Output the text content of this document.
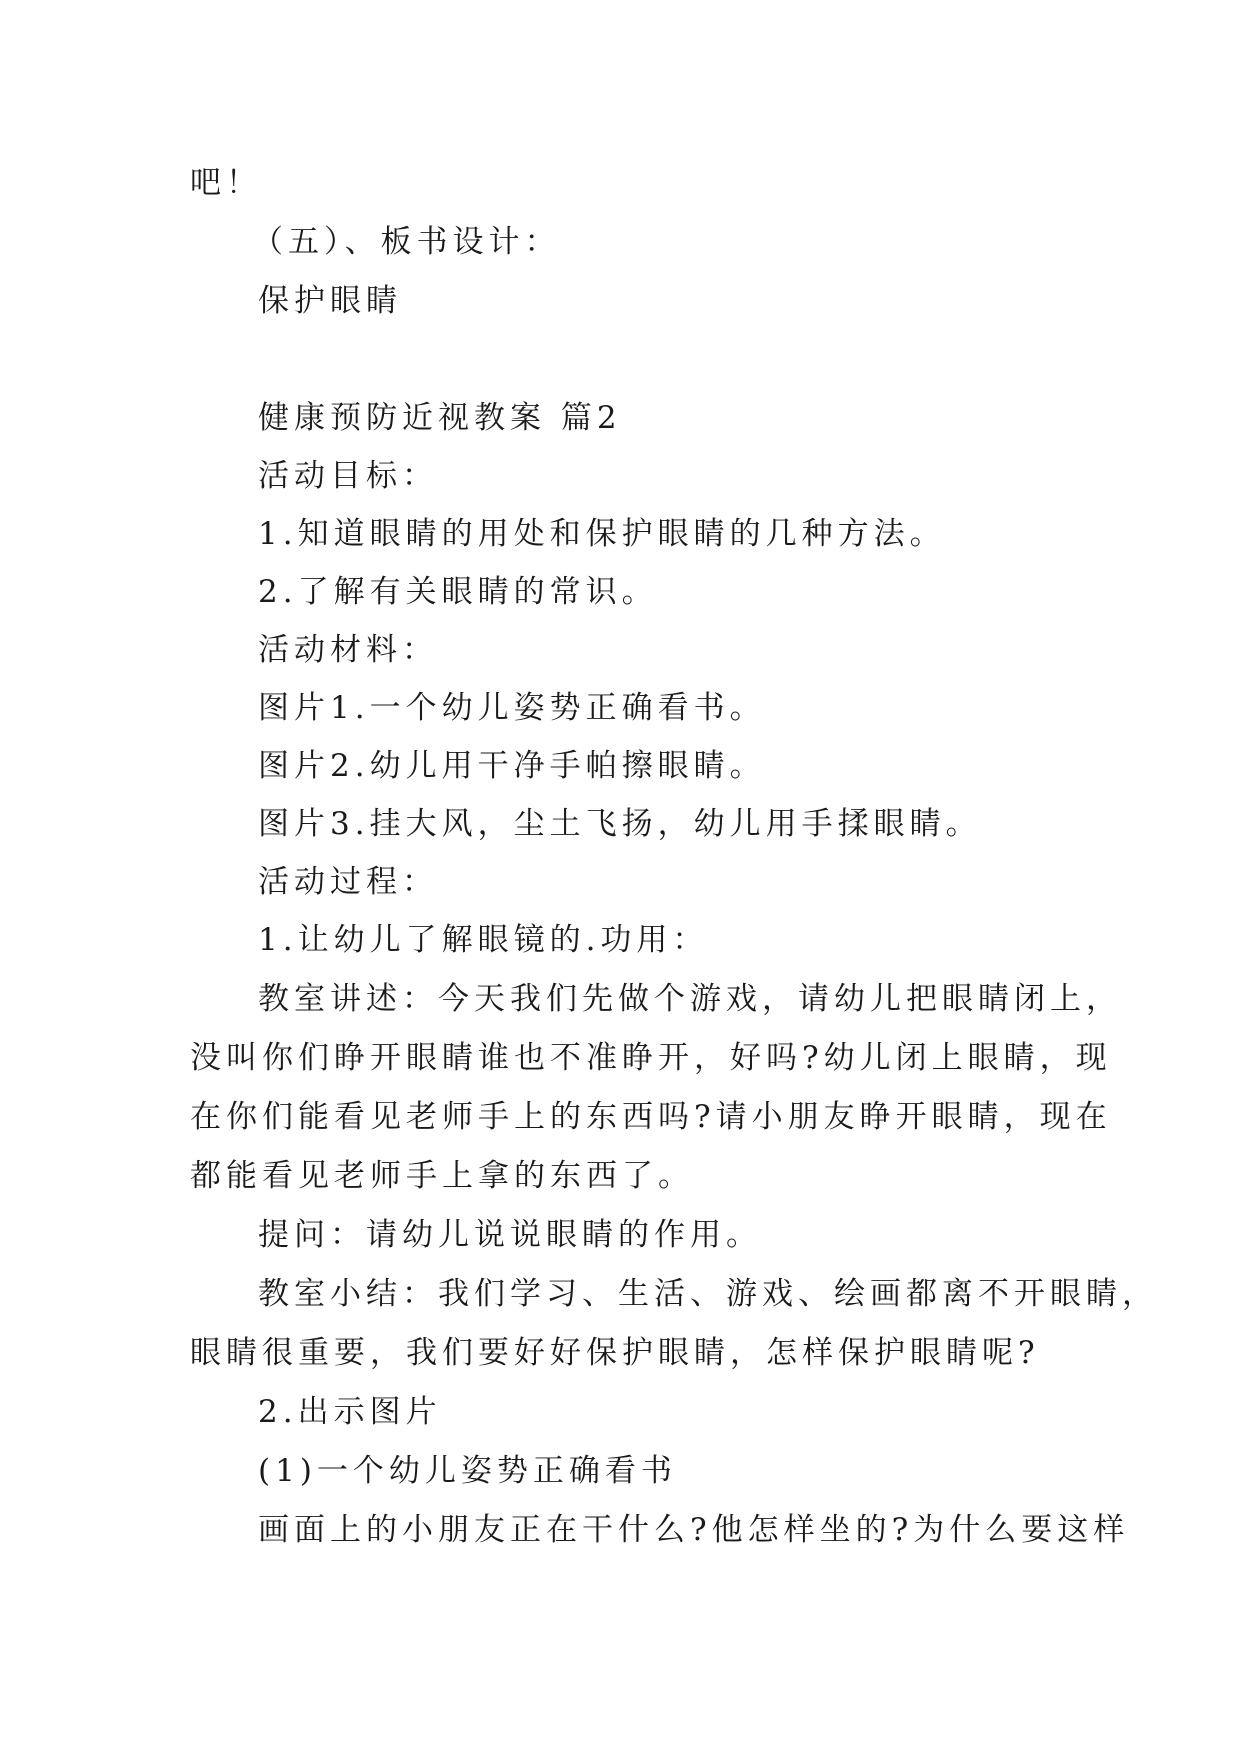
吧！
（五）、板书设计：
保护眼睛
健康预防近视教案 篇2
活动目标：
1.知道眼睛的用处和保护眼睛的几种方法。
2.了解有关眼睛的常识。
活动材料：
图片1.一个幼儿姿势正确看书。
图片2.幼儿用干净手帕擦眼睛。
图片3.挂大风，尘土飞扬，幼儿用手揉眼睛。
活动过程：
1.让幼儿了解眼镜的.功用：
教室讲述：今天我们先做个游戏，请幼儿把眼睛闭上，
没叫你们睁开眼睛谁也不准睁开，好吗?幼儿闭上眼睛，现
在你们能看见老师手上的东西吗?请小朋友睁开眼睛，现在
都能看见老师手上拿的东西了。
提问：请幼儿说说眼睛的作用。
教室小结：我们学习、生活、游戏、绘画都离不开眼睛，
眼睛很重要，我们要好好保护眼睛，怎样保护眼睛呢?
2.出示图片
(1)一个幼儿姿势正确看书
画面上的小朋友正在干什么?他怎样坐的?为什么要这样
